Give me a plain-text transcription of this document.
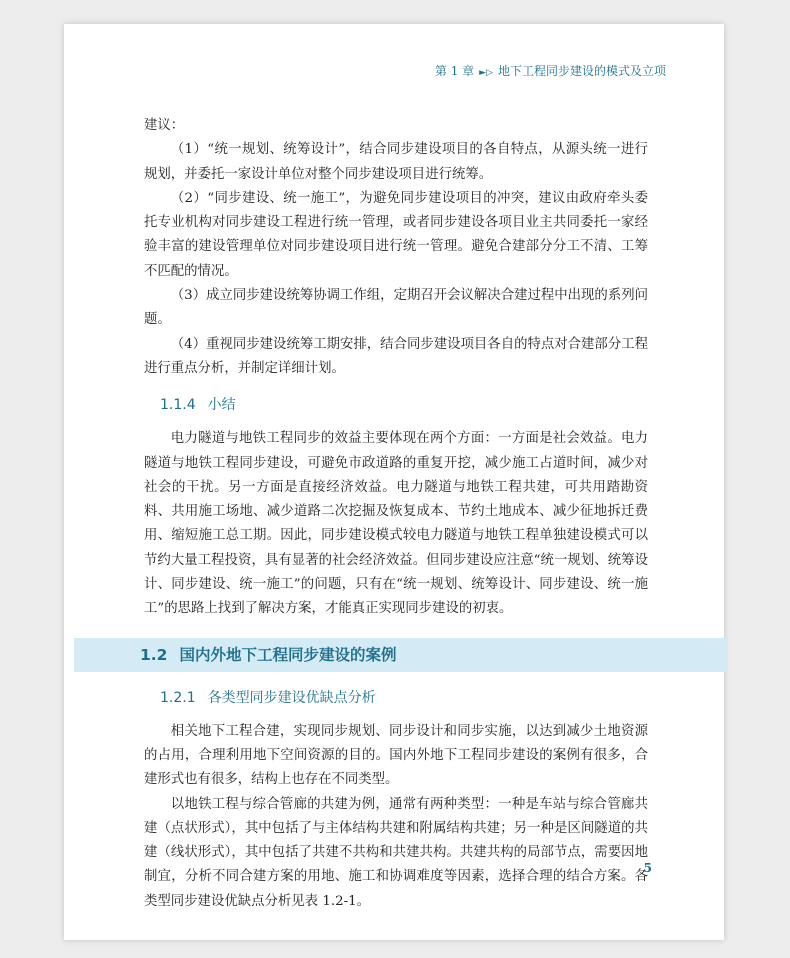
第 1 章 ►▷ 地下工程同步建设的模式及立项

建议：

（1）“统一规划、统筹设计”，结合同步建设项目的各自特点，从源头统一进行规划，并委托一家设计单位对整个同步建设项目进行统筹。

（2）“同步建设、统一施工”，为避免同步建设项目的冲突，建议由政府牵头委托专业机构对同步建设工程进行统一管理，或者同步建设各项目业主共同委托一家经验丰富的建设管理单位对同步建设项目进行统一管理。避免合建部分分工不清、工筹不匹配的情况。

（3）成立同步建设统筹协调工作组，定期召开会议解决合建过程中出现的系列问题。

（4）重视同步建设统筹工期安排，结合同步建设项目各自的特点对合建部分工程进行重点分析，并制定详细计划。

1.1.4 小结

电力隧道与地铁工程同步的效益主要体现在两个方面：一方面是社会效益。电力隧道与地铁工程同步建设，可避免市政道路的重复开挖，减少施工占道时间，减少对社会的干扰。另一方面是直接经济效益。电力隧道与地铁工程共建，可共用踏勘资料、共用施工场地、减少道路二次挖掘及恢复成本、节约土地成本、减少征地拆迁费用、缩短施工总工期。因此，同步建设模式较电力隧道与地铁工程单独建设模式可以节约大量工程投资，具有显著的社会经济效益。但同步建设应注意“统一规划、统筹设计、同步建设、统一施工”的问题，只有在“统一规划、统筹设计、同步建设、统一施工”的思路上找到了解决方案，才能真正实现同步建设的初衷。

1.2 国内外地下工程同步建设的案例
1.2.1 各类型同步建设优缺点分析

相关地下工程合建，实现同步规划、同步设计和同步实施，以达到减少土地资源的占用，合理利用地下空间资源的目的。国内外地下工程同步建设的案例有很多，合建形式也有很多，结构上也存在不同类型。

以地铁工程与综合管廊的共建为例，通常有两种类型：一种是车站与综合管廊共建（点状形式），其中包括了与主体结构共建和附属结构共建；另一种是区间隧道的共建（线状形式），其中包括了共建不共构和共建共构。共建共构的局部节点，需要因地制宜，分析不同合建方案的用地、施工和协调难度等因素，选择合理的结合方案。各类型同步建设优缺点分析见表 1.2-1。

5
